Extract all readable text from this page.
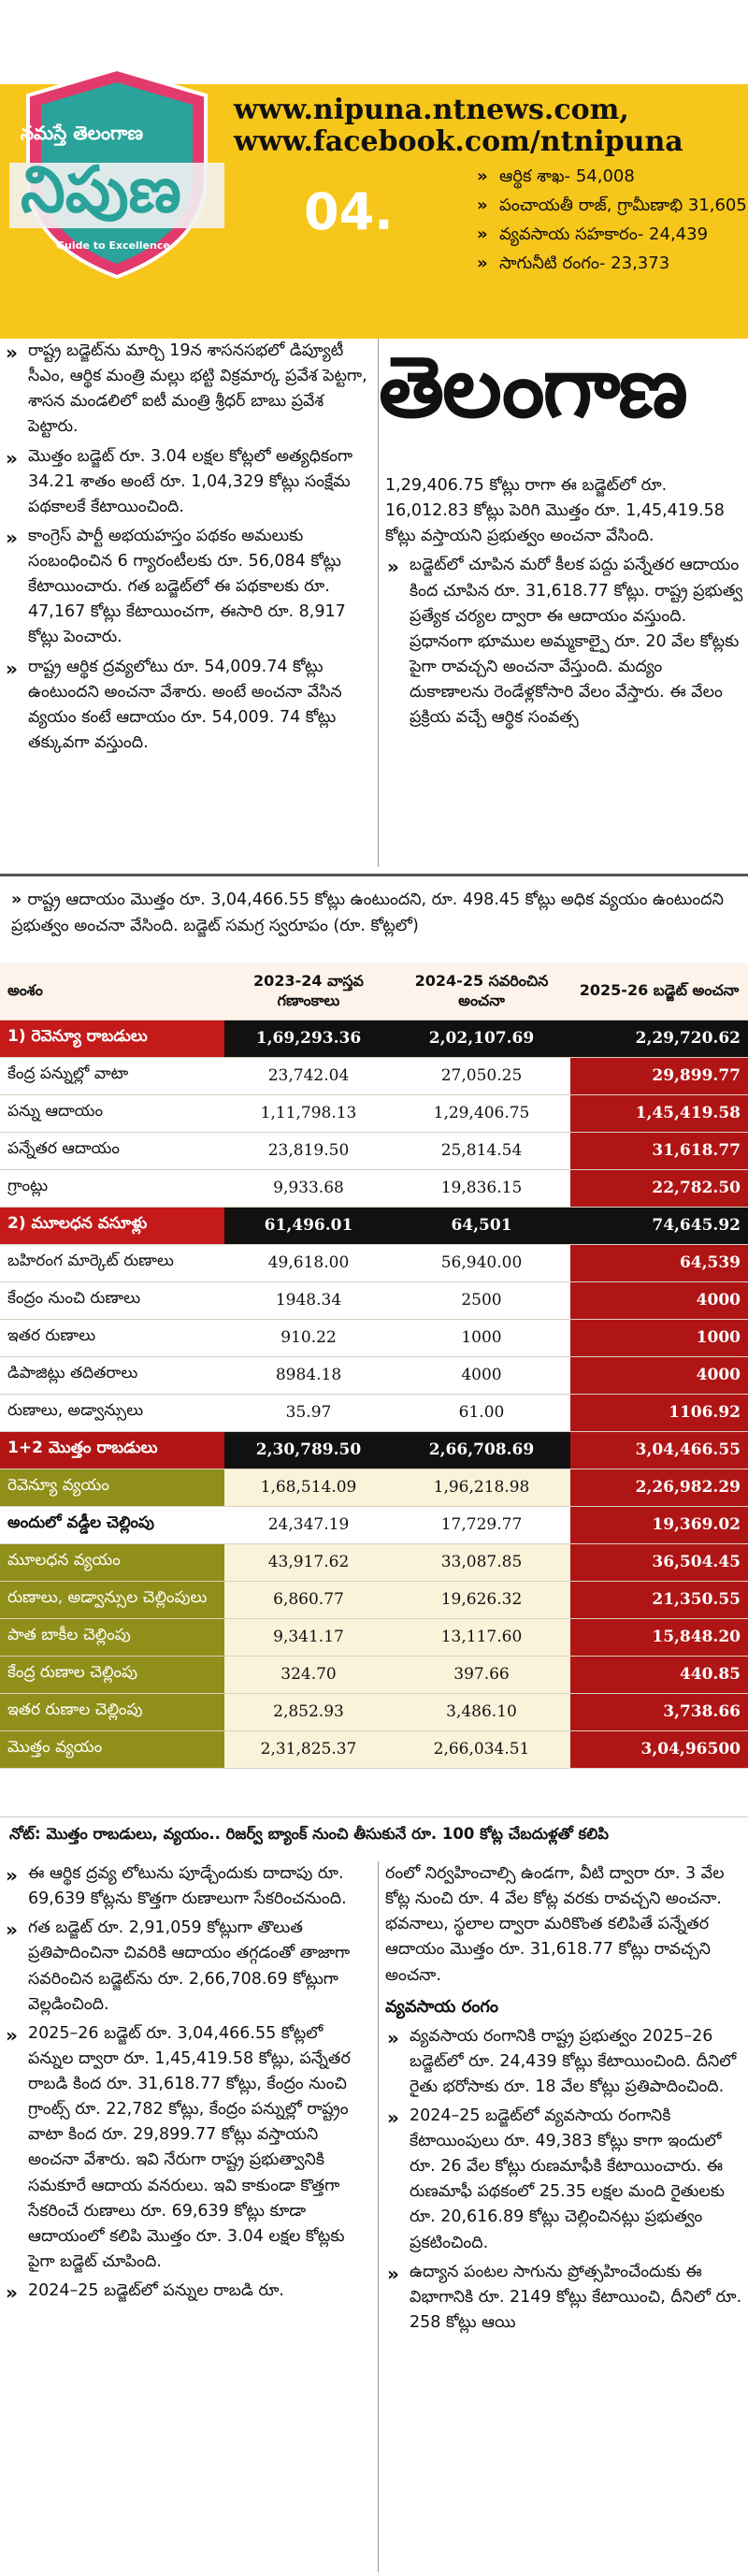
నమస్తే తెలంగాణ
నిపుణ
Guide to Excellence
04.
www.nipuna.ntnews.com,
www.facebook.com/ntnipuna
» ఆర్థిక శాఖ- 54,008
» పంచాయతీ రాజ్, గ్రామీణాభి 31,605
» వ్యవసాయ సహకారం- 24,439
» సాగునీటి రంగం- 23,373

» రాష్ట్ర బడ్జెట్‌ను మార్చి 19న శాసనసభలో డిప్యూటీ సీఎం, ఆర్థిక మంత్రి మల్లు భట్టి విక్రమార్క ప్రవేశ పెట్టగా, శాసన మండలిలో ఐటీ మంత్రి శ్రీధర్ బాబు ప్రవేశ పెట్టారు.

» మొత్తం బడ్జెట్ రూ. 3.04 లక్షల కోట్లలో అత్యధికంగా 34.21 శాతం అంటే రూ. 1,04,329 కోట్లు సంక్షేమ పథకాలకే కేటాయించింది.

» కాంగ్రెస్ పార్టీ అభయహస్తం పథకం అమలుకు సంబంధించిన 6 గ్యారంటీలకు రూ. 56,084 కోట్లు కేటాయించారు. గత బడ్జెట్‌లో ఈ పథకాలకు రూ. 47,167 కోట్లు కేటాయించగా, ఈసారి రూ. 8,917 కోట్లు పెంచారు.

» రాష్ట్ర ఆర్థిక ద్రవ్యలోటు రూ. 54,009.74 కోట్లు ఉంటుందని అంచనా వేశారు. అంటే అంచనా వేసిన వ్యయం కంటే ఆదాయం రూ. 54,009. 74 కోట్లు తక్కువగా వస్తుంది.

తెలంగాణ

1,29,406.75 కోట్లు రాగా ఈ బడ్జెట్‌లో రూ. 16,012.83 కోట్లు పెరిగి మొత్తం రూ. 1,45,419.58 కోట్లు వస్తాయని ప్రభుత్వం అంచనా వేసింది.

» బడ్జెట్‌లో చూపిన మరో కీలక పద్దు పన్నేతర ఆదాయం కింద చూపిన రూ. 31,618.77 కోట్లు. రాష్ట్ర ప్రభుత్వ ప్రత్యేక చర్యల ద్వారా ఈ ఆదాయం వస్తుంది. ప్రధానంగా భూముల అమ్మకాల్పై రూ. 20 వేల కోట్లకు పైగా రావచ్చని అంచనా వేస్తుంది. మద్యం దుకాణాలను రెండేళ్లకోసారి వేలం వేస్తారు. ఈ వేలం ప్రక్రియ వచ్చే ఆర్థిక సంవత్స

» రాష్ట్ర ఆదాయం మొత్తం రూ. 3,04,466.55 కోట్లు ఉంటుందని, రూ. 498.45 కోట్లు అధిక వ్యయం ఉంటుందని ప్రభుత్వం అంచనా వేసింది. బడ్జెట్ సమగ్ర స్వరూపం (రూ. కోట్లలో)
అంశం	2023-24 వాస్తవ గణాంకాలు	2024-25 సవరించిన అంచనా	2025-26 బడ్జెట్ అంచనా
1) రెవెన్యూ రాబడులు	1,69,293.36	2,02,107.69	2,29,720.62
కేంద్ర పన్నుల్లో వాటా	23,742.04	27,050.25	29,899.77
పన్ను ఆదాయం	1,11,798.13	1,29,406.75	1,45,419.58
పన్నేతర ఆదాయం	23,819.50	25,814.54	31,618.77
గ్రాంట్లు	9,933.68	19,836.15	22,782.50
2) మూలధన వసూళ్లు	61,496.01	64,501	74,645.92
బహిరంగ మార్కెట్ రుణాలు	49,618.00	56,940.00	64,539
కేంద్రం నుంచి రుణాలు	1948.34	2500	4000
ఇతర రుణాలు	910.22	1000	1000
డిపాజిట్లు తదితరాలు	8984.18	4000	4000
రుణాలు, అడ్వాన్సులు	35.97	61.00	1106.92
1+2 మొత్తం రాబడులు	2,30,789.50	2,66,708.69	3,04,466.55
రెవెన్యూ వ్యయం	1,68,514.09	1,96,218.98	2,26,982.29
అందులో వడ్డీల చెల్లింపు	24,347.19	17,729.77	19,369.02
మూలధన వ్యయం	43,917.62	33,087.85	36,504.45
రుణాలు, అడ్వాన్సుల చెల్లింపులు	6,860.77	19,626.32	21,350.55
పాత బాకీల చెల్లింపు	9,341.17	13,117.60	15,848.20
కేంద్ర రుణాల చెల్లింపు	324.70	397.66	440.85
ఇతర రుణాల చెల్లింపు	2,852.93	3,486.10	3,738.66
మొత్తం వ్యయం	2,31,825.37	2,66,034.51	3,04,96500
నోట్: మొత్తం రాబడులు, వ్యయం.. రిజర్వ్ బ్యాంక్ నుంచి తీసుకునే రూ. 100 కోట్ల చేబదుళ్లతో కలిపి

» ఈ ఆర్థిక ద్రవ్య లోటును పూడ్చేందుకు దాదాపు రూ. 69,639 కోట్లను కొత్తగా రుణాలుగా సేకరించనుంది.

» గత బడ్జెట్ రూ. 2,91,059 కోట్లుగా తొలుత ప్రతిపాదించినా చివరికి ఆదాయం తగ్గడంతో తాజాగా సవరించిన బడ్జెట్‌ను రూ. 2,66,708.69 కోట్లుగా వెల్లడించింది.

» 2025–26 బడ్జెట్ రూ. 3,04,466.55 కోట్లలో పన్నుల ద్వారా రూ. 1,45,419.58 కోట్లు, పన్నేతర రాబడి కింద రూ. 31,618.77 కోట్లు, కేంద్రం నుంచి గ్రాంట్స్ రూ. 22,782 కోట్లు, కేంద్రం పన్నుల్లో రాష్ట్రం వాటా కింద రూ. 29,899.77 కోట్లు వస్తాయని అంచనా వేశారు. ఇవి నేరుగా రాష్ట్ర ప్రభుత్వానికి సమకూరే ఆదాయ వనరులు. ఇవి కాకుండా కొత్తగా సేకరించే రుణాలు రూ. 69,639 కోట్లు కూడా ఆదాయంలో కలిపి మొత్తం రూ. 3.04 లక్షల కోట్లకు పైగా బడ్జెట్ చూపింది.

» 2024–25 బడ్జెట్‌లో పన్నుల రాబడి రూ.

రంలో నిర్వహించాల్సి ఉండగా, వీటి ద్వారా రూ. 3 వేల కోట్ల నుంచి రూ. 4 వేల కోట్ల వరకు రావచ్చని అంచనా. భవనాలు, స్థలాల ద్వారా మరికొంత కలిపితే పన్నేతర ఆదాయం మొత్తం రూ. 31,618.77 కోట్లు రావచ్చని అంచనా.

వ్యవసాయ రంగం

» వ్యవసాయ రంగానికి రాష్ట్ర ప్రభుత్వం 2025–26 బడ్జెట్‌లో రూ. 24,439 కోట్లు కేటాయించింది. దీనిలో రైతు భరోసాకు రూ. 18 వేల కోట్లు ప్రతిపాదించింది.

» 2024–25 బడ్జెట్‌లో వ్యవసాయ రంగానికి కేటాయింపులు రూ. 49,383 కోట్లు కాగా ఇందులో రూ. 26 వేల కోట్లు రుణమాఫీకి కేటాయించారు. ఈ రుణమాఫీ పథకంలో 25.35 లక్షల మంది రైతులకు రూ. 20,616.89 కోట్లు చెల్లించినట్లు ప్రభుత్వం ప్రకటించింది.

» ఉద్యాన పంటల సాగును ప్రోత్సహించేందుకు ఈ విభాగానికి రూ. 2149 కోట్లు కేటాయించి, దీనిలో రూ. 258 కోట్లు ఆయి
